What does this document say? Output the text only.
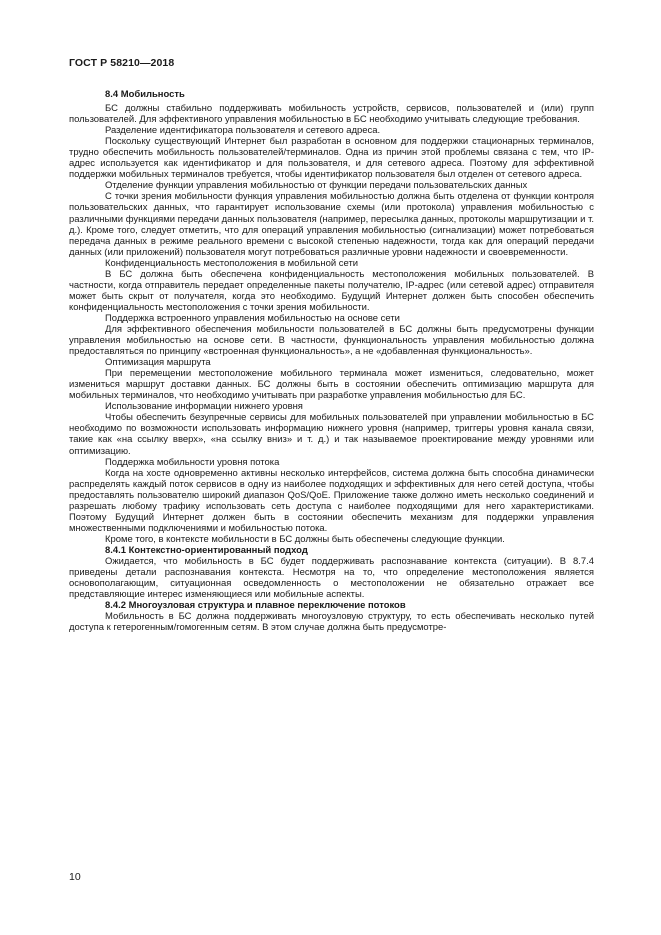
ГОСТ Р 58210—2018

8.4 Мобильность

БС должны стабильно поддерживать мобильность устройств, сервисов, пользователей и (или) групп пользователей. Для эффективного управления мобильностью в БС необходимо учитывать следующие требования.

Разделение идентификатора пользователя и сетевого адреса.

Поскольку существующий Интернет был разработан в основном для поддержки стационарных терминалов, трудно обеспечить мобильность пользователей/терминалов. Одна из причин этой проблемы связана с тем, что IP-адрес используется как идентификатор и для пользователя, и для сетевого адреса. Поэтому для эффективной поддержки мобильных терминалов требуется, чтобы идентификатор пользователя был отделен от сетевого адреса.

Отделение функции управления мобильностью от функции передачи пользовательских данных

С точки зрения мобильности функция управления мобильностью должна быть отделена от функции контроля пользовательских данных, что гарантирует использование схемы (или протокола) управления мобильностью с различными функциями передачи данных пользователя (например, пересылка данных, протоколы маршрутизации и т. д.). Кроме того, следует отметить, что для операций управления мобильностью (сигнализации) может потребоваться передача данных в режиме реального времени с высокой степенью надежности, тогда как для операций передачи данных (или приложений) пользователя могут потребоваться различные уровни надежности и своевременности.

Конфиденциальность местоположения в мобильной сети

В БС должна быть обеспечена конфиденциальность местоположения мобильных пользователей. В частности, когда отправитель передает определенные пакеты получателю, IP-адрес (или сетевой адрес) отправителя может быть скрыт от получателя, когда это необходимо. Будущий Интернет должен быть способен обеспечить конфиденциальность местоположения с точки зрения мобильности.

Поддержка встроенного управления мобильностью на основе сети

Для эффективного обеспечения мобильности пользователей в БС должны быть предусмотрены функции управления мобильностью на основе сети. В частности, функциональность управления мобильностью должна предоставляться по принципу «встроенная функциональность», а не «добавленная функциональность».

Оптимизация маршрута

При перемещении местоположение мобильного терминала может измениться, следовательно, может измениться маршрут доставки данных. БС должны быть в состоянии обеспечить оптимизацию маршрута для мобильных терминалов, что необходимо учитывать при разработке управления мобильностью для БС.

Использование информации нижнего уровня

Чтобы обеспечить безупречные сервисы для мобильных пользователей при управлении мобильностью в БС необходимо по возможности использовать информацию нижнего уровня (например, триггеры уровня канала связи, такие как «на ссылку вверх», «на ссылку вниз» и т. д.) и так называемое проектирование между уровнями или оптимизацию.

Поддержка мобильности уровня потока

Когда на хосте одновременно активны несколько интерфейсов, система должна быть способна динамически распределять каждый поток сервисов в одну из наиболее подходящих и эффективных для него сетей доступа, чтобы предоставлять пользователю широкий диапазон QoS/QoE. Приложение также должно иметь несколько соединений и разрешать любому трафику использовать сеть доступа с наиболее подходящими для него характеристиками. Поэтому Будущий Интернет должен быть в состоянии обеспечить механизм для поддержки управления множественными подключениями и мобильностью потока.

Кроме того, в контексте мобильности в БС должны быть обеспечены следующие функции.

8.4.1 Контекстно-ориентированный подход

Ожидается, что мобильность в БС будет поддерживать распознавание контекста (ситуации). В 8.7.4 приведены детали распознавания контекста. Несмотря на то, что определение местоположения является основополагающим, ситуационная осведомленность о местоположении не обязательно отражает все представляющие интерес изменяющиеся или мобильные аспекты.

8.4.2 Многоузловая структура и плавное переключение потоков

Мобильность в БС должна поддерживать многоузловую структуру, то есть обеспечивать несколько путей доступа к гетерогенным/гомогенным сетям. В этом случае должна быть предусмотре-

10
